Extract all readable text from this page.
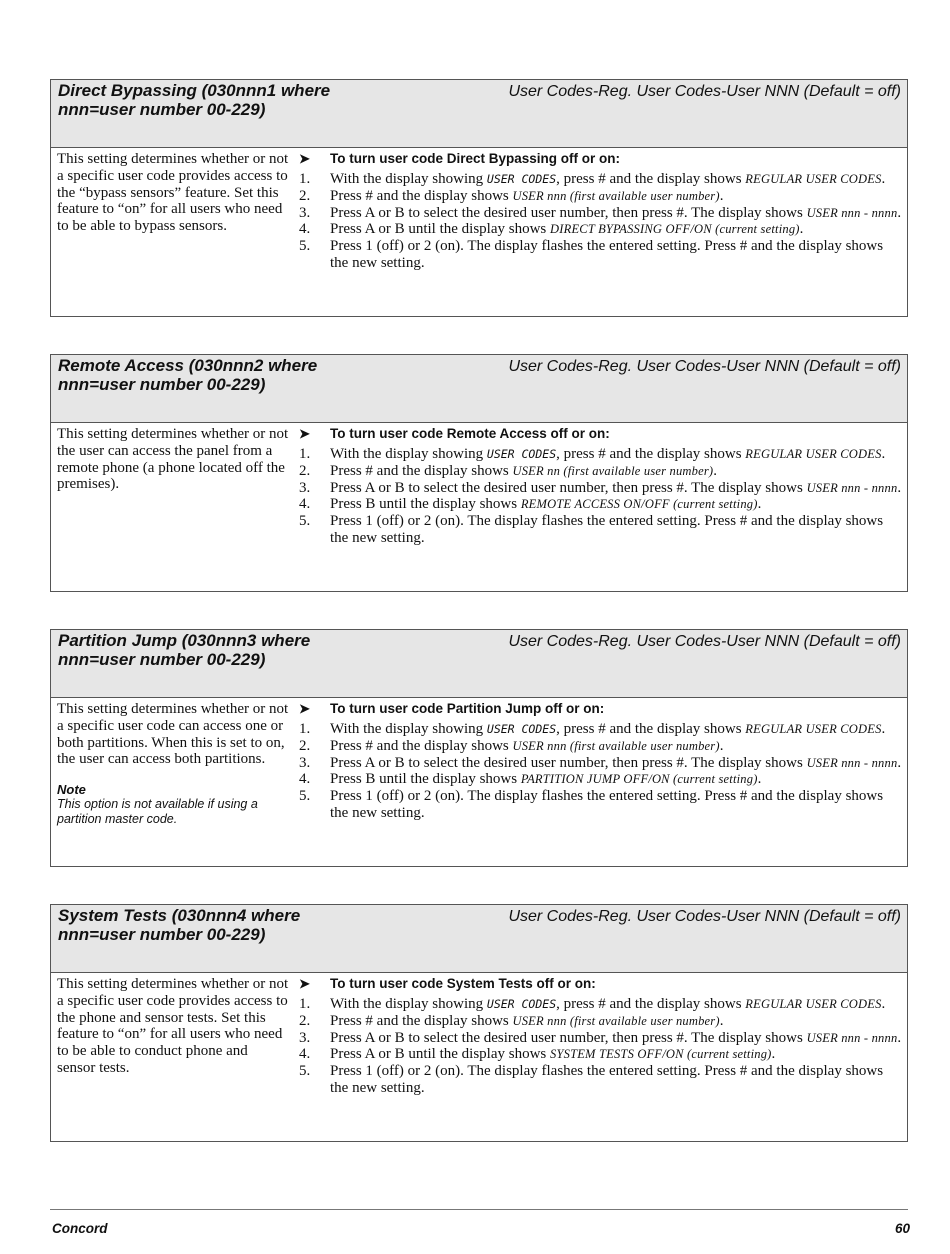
Direct Bypassing (030nnn1 where nnn=user number 00-229)
User Codes-Reg. User Codes-User NNN (Default = off)
This setting determines whether or not a specific user code provides access to the “bypass sensors” feature. Set this feature to “on” for all users who need to be able to bypass sensors.
➤ To turn user code Direct Bypassing off or on:
1. With the display showing USER CODES, press # and the display shows REGULAR USER CODES.
2. Press # and the display shows USER nnn (first available user number).
3. Press A or B to select the desired user number, then press #. The display shows USER nnn - nnnn.
4. Press A or B until the display shows DIRECT BYPASSING OFF/ON (current setting).
5. Press 1 (off) or 2 (on). The display flashes the entered setting. Press # and the display shows the new setting.
Remote Access (030nnn2 where nnn=user number 00-229)
User Codes-Reg. User Codes-User NNN (Default = off)
This setting determines whether or not the user can access the panel from a remote phone (a phone located off the premises).
➤ To turn user code Remote Access off or on:
1. With the display showing USER CODES, press # and the display shows REGULAR USER CODES.
2. Press # and the display shows USER nn (first available user number).
3. Press A or B to select the desired user number, then press #. The display shows USER nnn - nnnn.
4. Press B until the display shows REMOTE ACCESS ON/OFF (current setting).
5. Press 1 (off) or 2 (on). The display flashes the entered setting. Press # and the display shows the new setting.
Partition Jump (030nnn3 where nnn=user number 00-229)
User Codes-Reg. User Codes-User NNN (Default = off)
This setting determines whether or not a specific user code can access one or both partitions. When this is set to on, the user can access both partitions.
Note
This option is not available if using a partition master code.
➤ To turn user code Partition Jump off or on:
1. With the display showing USER CODES, press # and the display shows REGULAR USER CODES.
2. Press # and the display shows USER nnn (first available user number).
3. Press A or B to select the desired user number, then press #. The display shows USER nnn - nnnn.
4. Press B until the display shows PARTITION JUMP OFF/ON (current setting).
5. Press 1 (off) or 2 (on). The display flashes the entered setting. Press # and the display shows the new setting.
System Tests (030nnn4 where nnn=user number 00-229)
User Codes-Reg. User Codes-User NNN (Default = off)
This setting determines whether or not a specific user code provides access to the phone and sensor tests. Set this feature to “on” for all users who need to be able to conduct phone and sensor tests.
➤ To turn user code System Tests off or on:
1. With the display showing USER CODES, press # and the display shows REGULAR USER CODES.
2. Press # and the display shows USER nnn (first available user number).
3. Press A or B to select the desired user number, then press #. The display shows USER nnn - nnnn.
4. Press A or B until the display shows SYSTEM TESTS OFF/ON (current setting).
5. Press 1 (off) or 2 (on). The display flashes the entered setting. Press # and the display shows the new setting.
Concord	60
